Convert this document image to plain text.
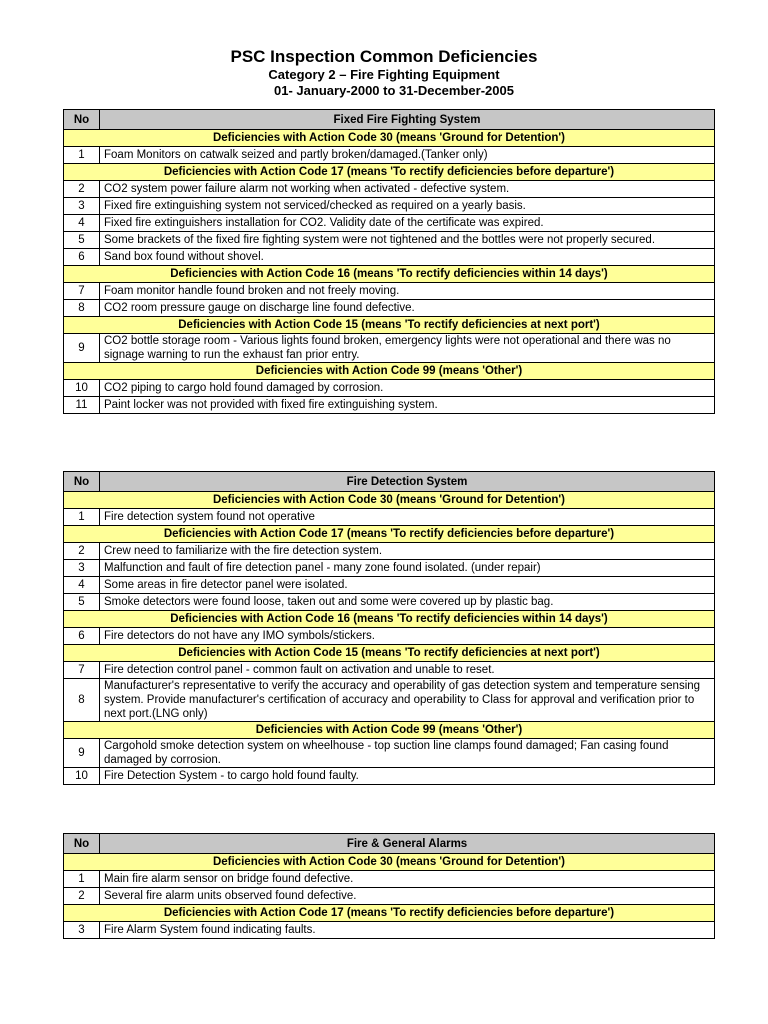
PSC Inspection Common Deficiencies
Category 2 – Fire Fighting Equipment
01- January-2000 to 31-December-2005
No	Fixed Fire Fighting System
Deficiencies with Action Code 30 (means 'Ground for Detention')	
1	Foam Monitors on catwalk seized and partly broken/damaged.(Tanker only)
Deficiencies with Action Code 17 (means 'To rectify deficiencies before departure')	
2	CO2 system power failure alarm not working when activated - defective system.
3	Fixed fire extinguishing system not serviced/checked as required on a yearly basis.
4	Fixed fire extinguishers installation for CO2. Validity date of the certificate was expired.
5	Some brackets of the fixed fire fighting system were not tightened and the bottles were not properly secured.
6	Sand box found without shovel.
Deficiencies with Action Code 16 (means 'To rectify deficiencies within 14 days')	
7	Foam monitor handle found broken and not freely moving.
8	CO2 room pressure gauge on discharge line found defective.
Deficiencies with Action Code 15 (means 'To rectify deficiencies at next port')	
9	CO2 bottle storage room - Various lights found broken, emergency lights were not operational and there was no signage warning to run the exhaust fan prior entry.
Deficiencies with Action Code 99 (means 'Other')	
10	CO2 piping to cargo hold found damaged by corrosion.
11	Paint locker was not provided with fixed fire extinguishing system.
No	Fire Detection System
Deficiencies with Action Code 30 (means 'Ground for Detention')	
1	Fire detection system found not operative
Deficiencies with Action Code 17 (means 'To rectify deficiencies before departure')	
2	Crew need to familiarize with the fire detection system.
3	Malfunction and fault of fire detection panel - many zone found isolated. (under repair)
4	Some areas in fire detector panel were isolated.
5	Smoke detectors were found loose, taken out and some were covered up by plastic bag.
Deficiencies with Action Code 16 (means 'To rectify deficiencies within 14 days')	
6	Fire detectors do not have any IMO symbols/stickers.
Deficiencies with Action Code 15 (means 'To rectify deficiencies at next port')	
7	Fire detection control panel - common fault on activation and unable to reset.
8	Manufacturer's representative to verify the accuracy and operability of gas detection system and temperature sensing system. Provide manufacturer's certification of accuracy and operability to Class for approval and verification prior to next port.(LNG only)
Deficiencies with Action Code 99 (means 'Other')	
9	Cargohold smoke detection system on wheelhouse - top suction line clamps found damaged; Fan casing found damaged by corrosion.
10	Fire Detection System - to cargo hold found faulty.
No	Fire & General Alarms
Deficiencies with Action Code 30 (means 'Ground for Detention')	
1	Main fire alarm sensor on bridge found defective.
2	Several fire alarm units observed found defective.
Deficiencies with Action Code 17 (means 'To rectify deficiencies before departure')	
3	Fire Alarm System found indicating faults.
